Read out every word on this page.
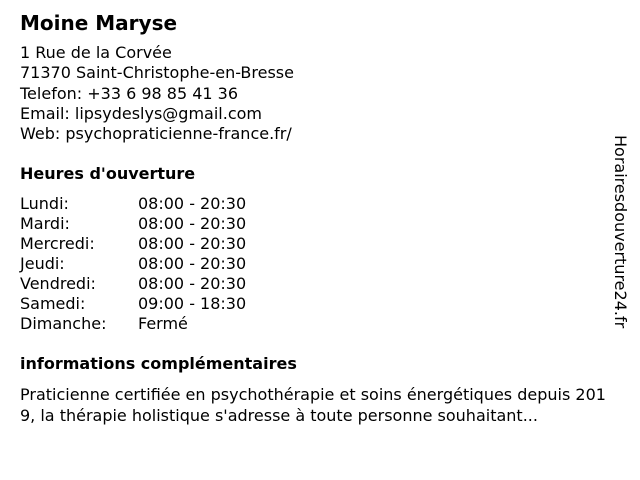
Moine Maryse
1 Rue de la Corvée
71370 Saint-Christophe-en-Bresse
Telefon: +33 6 98 85 41 36
Email: lipsydeslys@gmail.com
Web: psychopraticienne-france.fr/
Heures d'ouverture
Lundi:	08:00 - 20:30
Mardi:	08:00 - 20:30
Mercredi:	08:00 - 20:30
Jeudi:	08:00 - 20:30
Vendredi:	08:00 - 20:30
Samedi:	09:00 - 18:30
Dimanche:	Fermé
informations complémentaires
Praticienne certifiée en psychothérapie et soins énergétiques depuis 2019, la thérapie holistique s'adresse à toute personne souhaitant...
Horairesdouverture24.fr
